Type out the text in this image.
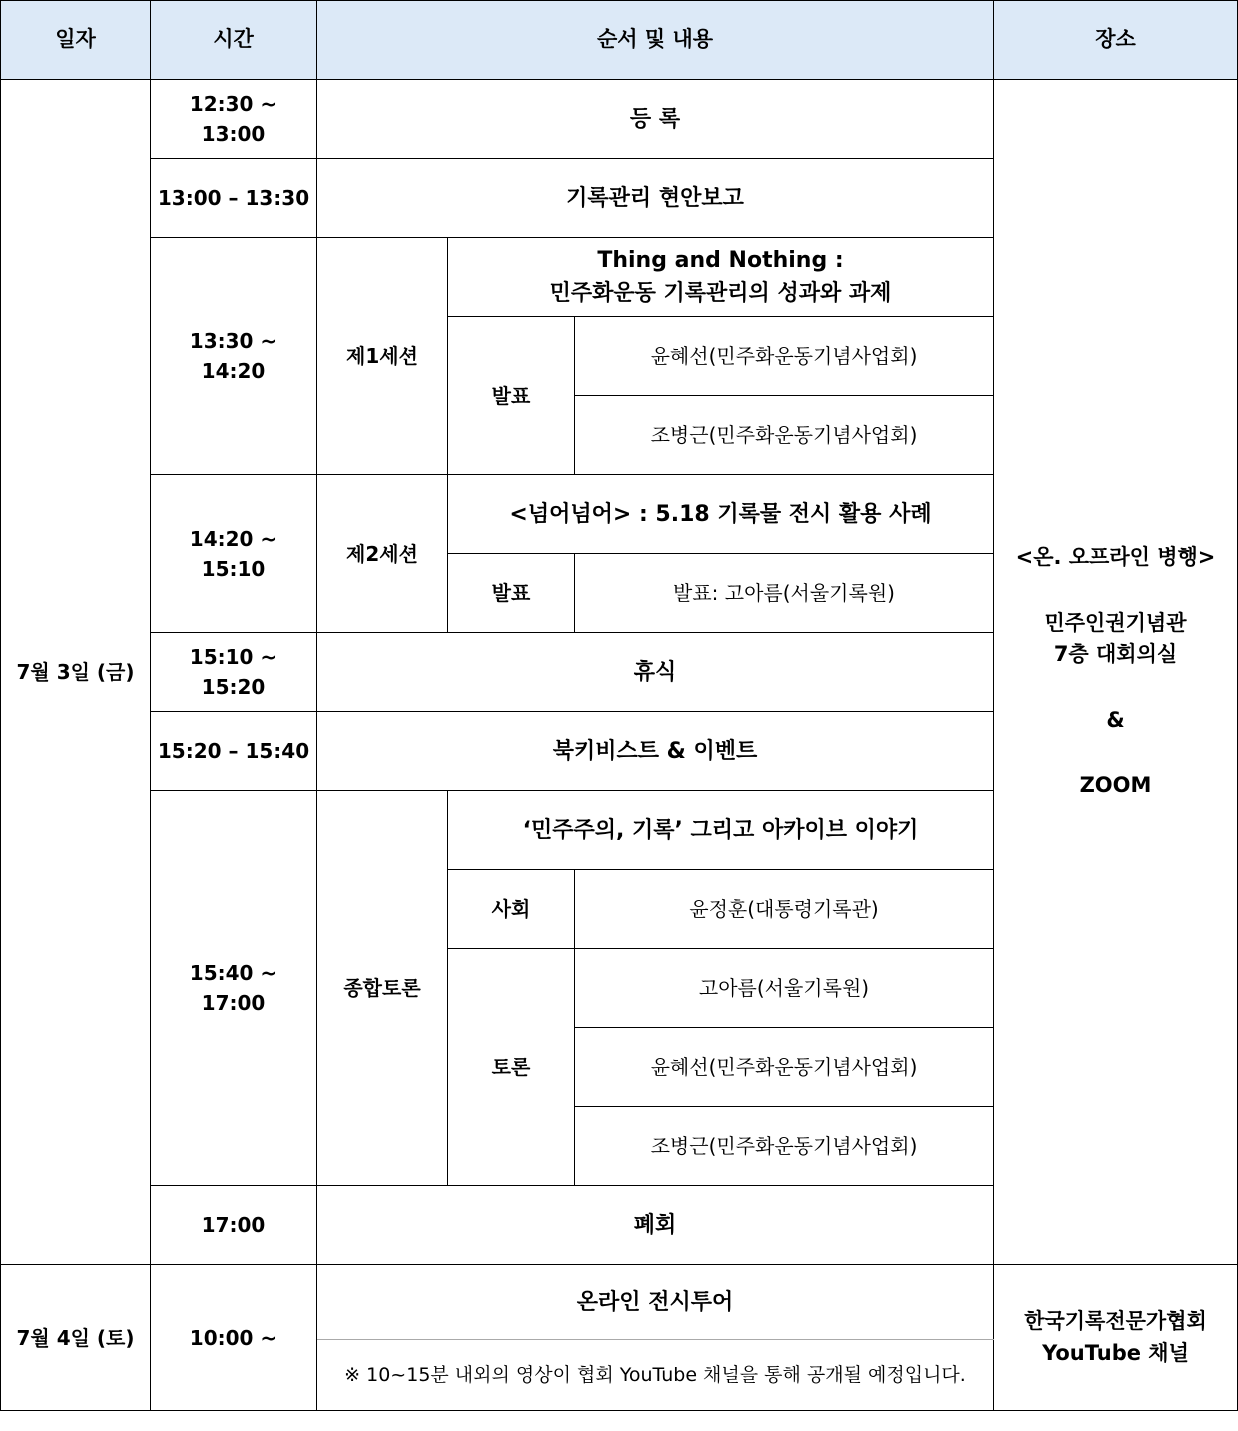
일자	시간	순서 및 내용			장소
7월 3일 (금)	12:30 ~ 13:00	등 록			<온. 오프라인 병행>
민주인권기념관
7층 대회의실
&
ZOOM

	13:00 – 13:30	기록관리 현안보고			
	13:30 ~ 14:20	제1세션	Thing and Nothing :
민주화운동 기록관리의 성과와 과제		

			발표	윤혜선(민주화운동기념사업회)	
				조병근(민주화운동기념사업회)	
	14:20 ~ 15:10	제2세션	<넘어넘어> : 5.18 기록물 전시 활용 사례		
			발표	발표: 고아름(서울기록원)	
	15:10 ~ 15:20	휴식			
	15:20 – 15:40	북키비스트 & 이벤트			
	15:40 ~ 17:00	종합토론	‘민주주의, 기록’ 그리고 아카이브 이야기		
			사회	윤정훈(대통령기록관)	
			토론	고아름(서울기록원)	
				윤혜선(민주화운동기념사업회)	
				조병근(민주화운동기념사업회)	
	17:00	폐회			
7월 4일 (토)	10:00 ~	온라인 전시투어			한국기록전문가협회
YouTube 채널

		※ 10~15분 내외의 영상이 협회 YouTube 채널을 통해 공개될 예정입니다.			
